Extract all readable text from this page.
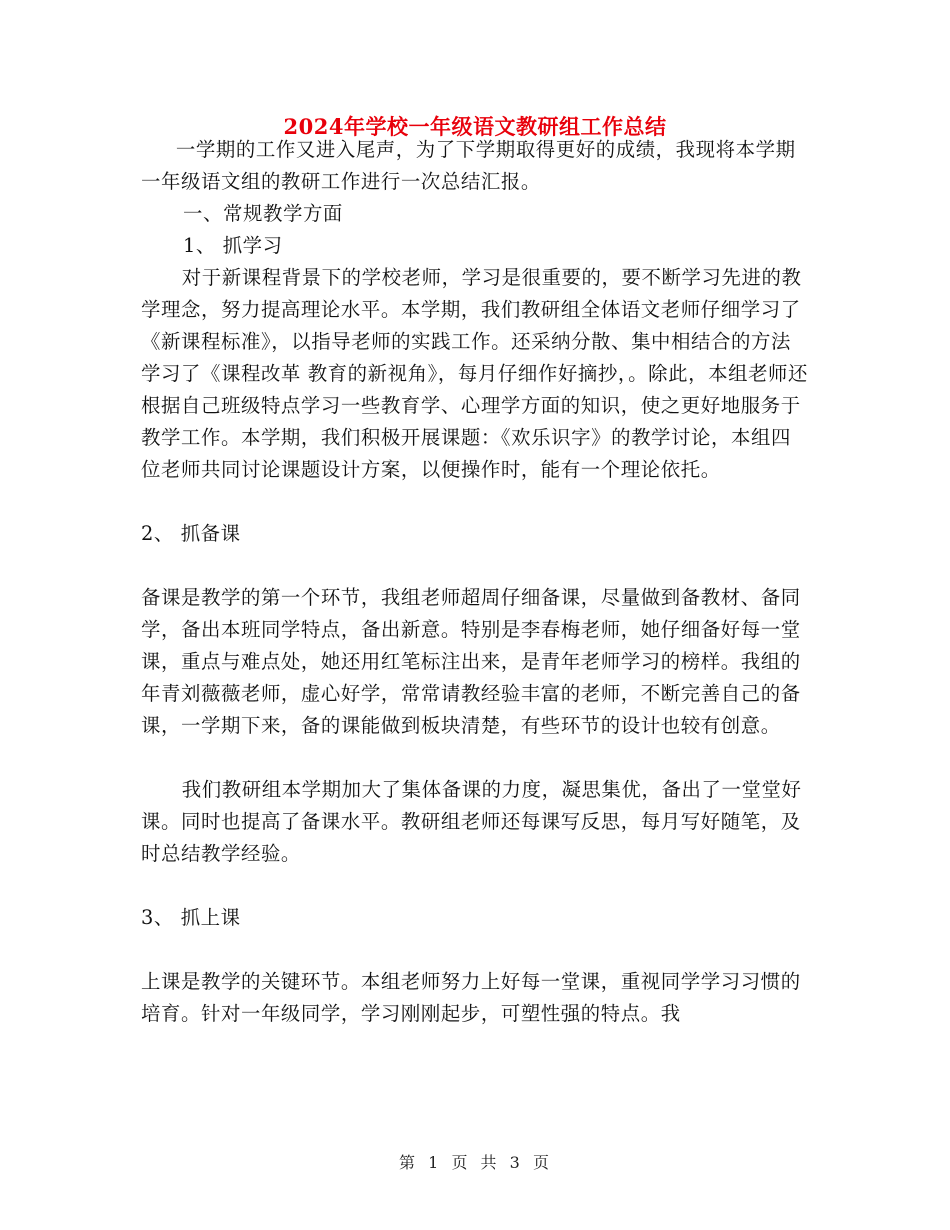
2024年学校一年级语文教研组工作总结

一学期的工作又进入尾声，为了下学期取得更好的成绩，我现将本学期一年级语文组的教研工作进行一次总结汇报。

一、常规教学方面

1、 抓学习

对于新课程背景下的学校老师，学习是很重要的，要不断学习先进的教学理念，努力提高理论水平。本学期，我们教研组全体语文老师仔细学习了《新课程标准》，以指导老师的实践工作。还采纳分散、集中相结合的方法学习了《课程改革 教育的新视角》，每月仔细作好摘抄，。除此，本组老师还根据自己班级特点学习一些教育学、心理学方面的知识，使之更好地服务于教学工作。本学期，我们积极开展课题：《欢乐识字》的教学讨论，本组四位老师共同讨论课题设计方案，以便操作时，能有一个理论依托。

2、 抓备课

备课是教学的第一个环节，我组老师超周仔细备课，尽量做到备教材、备同学，备出本班同学特点，备出新意。特别是李春梅老师，她仔细备好每一堂课，重点与难点处，她还用红笔标注出来，是青年老师学习的榜样。我组的年青刘薇薇老师，虚心好学，常常请教经验丰富的老师，不断完善自己的备课，一学期下来，备的课能做到板块清楚，有些环节的设计也较有创意。

我们教研组本学期加大了集体备课的力度，凝思集优，备出了一堂堂好课。同时也提高了备课水平。教研组老师还每课写反思，每月写好随笔，及时总结教学经验。

3、 抓上课

上课是教学的关键环节。本组老师努力上好每一堂课，重视同学学习习惯的培育。针对一年级同学，学习刚刚起步，可塑性强的特点。我

第 1 页 共 3 页
